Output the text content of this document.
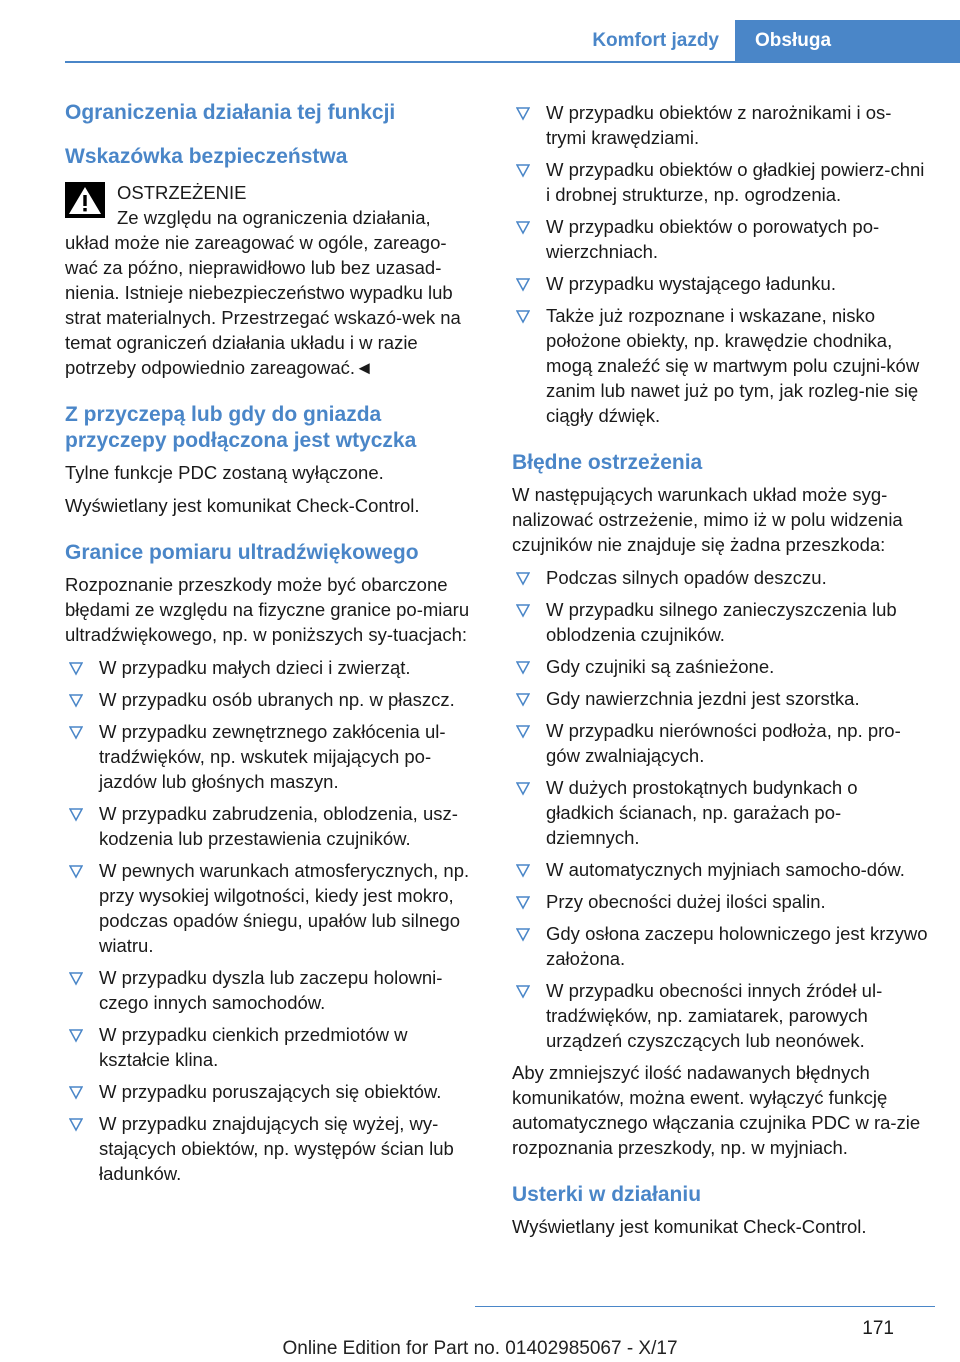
Komfort jazdy	Obsługa
Ograniczenia działania tej funkcji
Wskazówka bezpieczeństwa

OSTRZEŻENIE

Ze względu na ograniczenia działania,

układ może nie zareagować w ogóle, zareago-wać za późno, nieprawidłowo lub bez uzasad-nienia. Istnieje niebezpieczeństwo wypadku lub strat materialnych. Przestrzegać wskazó-wek na temat ograniczeń działania układu i w razie potrzeby odpowiednio zareagować.◄

Z przyczepą lub gdy do gniazda przyczepy podłączona jest wtyczka

Tylne funkcje PDC zostaną wyłączone.

Wyświetlany jest komunikat Check-Control.

Granice pomiaru ultradźwiękowego

Rozpoznanie przeszkody może być obarczone błędami ze względu na fizyczne granice po-miaru ultradźwiękowego, np. w poniższych sy-tuacjach:

W przypadku małych dzieci i zwierząt.
W przypadku osób ubranych np. w płaszcz.
W przypadku zewnętrznego zakłócenia ul-tradźwięków, np. wskutek mijających po-jazdów lub głośnych maszyn.
W przypadku zabrudzenia, oblodzenia, usz-kodzenia lub przestawienia czujników.
W pewnych warunkach atmosferycznych, np. przy wysokiej wilgotności, kiedy jest mokro, podczas opadów śniegu, upałów lub silnego wiatru.
W przypadku dyszla lub zaczepu holowni-czego innych samochodów.
W przypadku cienkich przedmiotów w kształcie klina.
W przypadku poruszających się obiektów.
W przypadku znajdujących się wyżej, wy-stających obiektów, np. występów ścian lub ładunków.
W przypadku obiektów z narożnikami i os-trymi krawędziami.
W przypadku obiektów o gładkiej powierz-chni i drobnej strukturze, np. ogrodzenia.
W przypadku obiektów o porowatych po-wierzchniach.
W przypadku wystającego ładunku.
Także już rozpoznane i wskazane, nisko położone obiekty, np. krawędzie chodnika, mogą znaleźć się w martwym polu czujni-ków zanim lub nawet już po tym, jak rozleg-nie się ciągły dźwięk.
Błędne ostrzeżenia

W następujących warunkach układ może syg-nalizować ostrzeżenie, mimo iż w polu widzenia czujników nie znajduje się żadna przeszkoda:

Podczas silnych opadów deszczu.
W przypadku silnego zanieczyszczenia lub oblodzenia czujników.
Gdy czujniki są zaśnieżone.
Gdy nawierzchnia jezdni jest szorstka.
W przypadku nierówności podłoża, np. pro-gów zwalniających.
W dużych prostokątnych budynkach o gładkich ścianach, np. garażach po-dziemnych.
W automatycznych myjniach samocho-dów.
Przy obecności dużej ilości spalin.
Gdy osłona zaczepu holowniczego jest krzywo założona.
W przypadku obecności innych źródeł ul-tradźwięków, np. zamiatarek, parowych urządzeń czyszczących lub neonówek.

Aby zmniejszyć ilość nadawanych błędnych komunikatów, można ewent. wyłączyć funkcję automatycznego włączania czujnika PDC w ra-zie rozpoznania przeszkody, np. w myjniach.

Usterki w działaniu

Wyświetlany jest komunikat Check-Control.

171
Online Edition for Part no. 01402985067 - X/17
